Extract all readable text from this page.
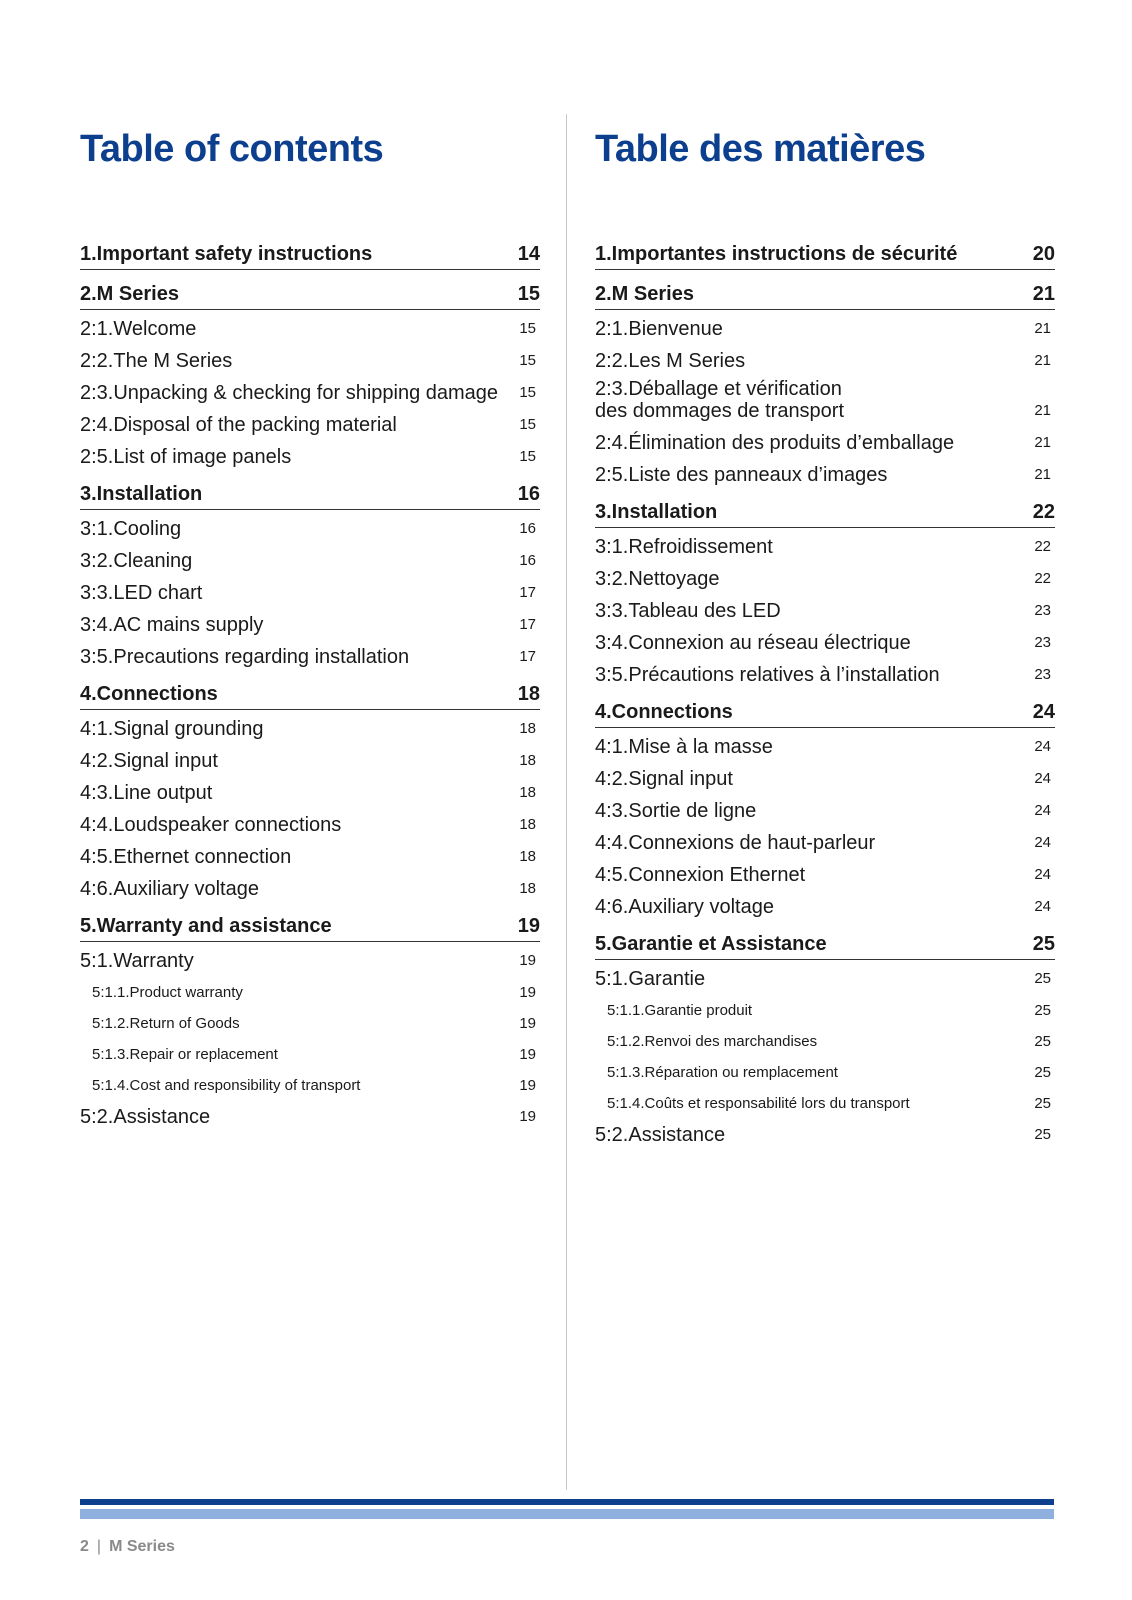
Table of contents
1.Important safety instructions	14
2.M Series	15
2:1.Welcome	15
2:2.The M Series	15
2:3.Unpacking & checking for shipping damage	15
2:4.Disposal of the packing material	15
2:5.List of image panels	15
3.Installation	16
3:1.Cooling	16
3:2.Cleaning	16
3:3.LED chart	17
3:4.AC mains supply	17
3:5.Precautions regarding installation	17
4.Connections	18
4:1.Signal grounding	18
4:2.Signal input	18
4:3.Line output	18
4:4.Loudspeaker connections	18
4:5.Ethernet connection	18
4:6.Auxiliary voltage	18
5.Warranty and assistance	19
5:1.Warranty	19
5:1.1.Product warranty	19
5:1.2.Return of Goods	19
5:1.3.Repair or replacement	19
5:1.4.Cost and responsibility of transport	19
5:2.Assistance	19
Table des matières
1.Importantes instructions de sécurité	20
2.M Series	21
2:1.Bienvenue	21
2:2.Les M Series	21
2:3.Déballage et vérification
des dommages de transport	21
2:4.Élimination des produits d’emballage	21
2:5.Liste des panneaux d’images	21
3.Installation	22
3:1.Refroidissement	22
3:2.Nettoyage	22
3:3.Tableau des LED	23
3:4.Connexion au réseau électrique	23
3:5.Précautions relatives à l’installation	23
4.Connections	24
4:1.Mise à la masse	24
4:2.Signal input	24
4:3.Sortie de ligne	24
4:4.Connexions de haut-parleur	24
4:5.Connexion Ethernet	24
4:6.Auxiliary voltage	24
5.Garantie et Assistance	25
5:1.Garantie	25
5:1.1.Garantie produit	25
5:1.2.Renvoi des marchandises	25
5:1.3.Réparation ou remplacement	25
5:1.4.Coûts et responsabilité lors du transport	25
5:2.Assistance	25
2 | M Series
